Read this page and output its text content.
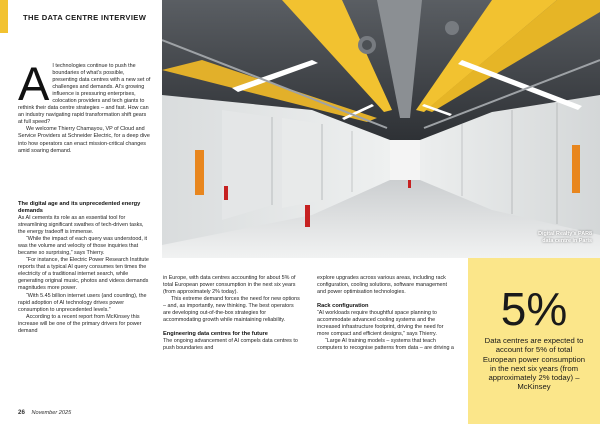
THE DATA CENTRE INTERVIEW
A I technologies continue to push the boundaries of what’s possible, presenting data centres with a new set of challenges and demands. AI’s growing influence is pressuring enterprises, colocation providers and tech giants to rethink their data centre strategies – and fast. How can an industry navigating rapid transformation shift gears at full speed?

We welcome Thierry Chamayou, VP of Cloud and Service Providers at Schneider Electric, for a deep dive into how operators can enact mission-critical changes amid soaring demand.

The digital age and its unprecedented energy demands

As AI cements its role as an essential tool for streamlining significant swathes of tech-driven tasks, the energy tradeoff is immense.

“While the impact of each query was understood, it was the volume and velocity of those inquiries that became so surprising,” says Thierry.

“For instance, the Electric Power Research Institute reports that a typical AI query consumes ten times the electricity of a traditional internet search, while generating original music, photos and videos demands magnitudes more power.

“With 5.45 billion internet users (and counting), the rapid adoption of AI technology drives power consumption to unprecedented levels.”

According to a recent report from McKinsey this increase will be one of the primary drivers for power demand

in Europe, with data centres accounting for about 5% of total European power consumption in the next six years (from approximately 2% today).

This extreme demand forces the need for new options – and, as importantly, new thinking. The best operators are developing out-of-the-box strategies for accommodating growth while maintaining reliability.

Engineering data centres for the future

The ongoing advancement of AI compels data centres to push boundaries and

explore upgrades across various areas, including rack configuration, cooling solutions, software management and power optimisation technologies.

Rack configuration

“AI workloads require thoughtful space planning to accommodate advanced cooling systems and the increased infrastructure footprint, driving the need for more compact and efficient designs,” says Thierry.

“Large AI training models – systems that teach computers to recognise patterns from data – are driving a

Digital Realty’s PAR8 data centre in Paris
5%
Data centres are expected to account for 5% of total European power consumption in the next six years (from approximately 2% today) – McKinsey
26 November 2025
